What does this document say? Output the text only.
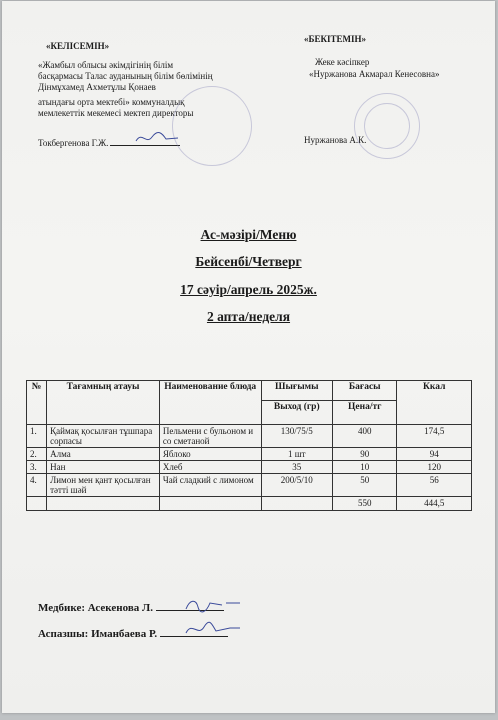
«КЕЛІСЕМІН»
«Жамбыл облысы әкімдігінің білім
басқармасы Талас ауданының білім бөлімінің
Дінмұхамед Ахметұлы Қонаев
атындағы орта мектебі» коммуналдық
мемлекеттік мекемесі мектеп директоры
Токбергенова Г.Ж.
«БЕКІТЕМІН»
Жеке кәсіпкер
«Нуржанова Акмарал Кенесовна»
Нуржанова А.К.
Ас-мәзірі/Меню
Бейсенбі/Четверг
17 сәуір/апрель 2025ж.
2 апта/неделя
№	Тағамның атауы	Наименование блюда	Шығымы	Бағасы	Ккал
			Выход (гр)	Цена/тг	
1.	Қаймақ қосылған тұшпара сорпасы	Пельмени с бульоном и со сметаной	130/75/5	400	174,5
2.	Алма	Яблоко	1 шт	90	94
3.	Нан	Хлеб	35	10	120
4.	Лимон мен қант қосылған тәтті шәй	Чай сладкий с лимоном	200/5/10	50	56
				550	444,5
Медбике: Асекенова Л.
Аспазшы: Иманбаева Р.
